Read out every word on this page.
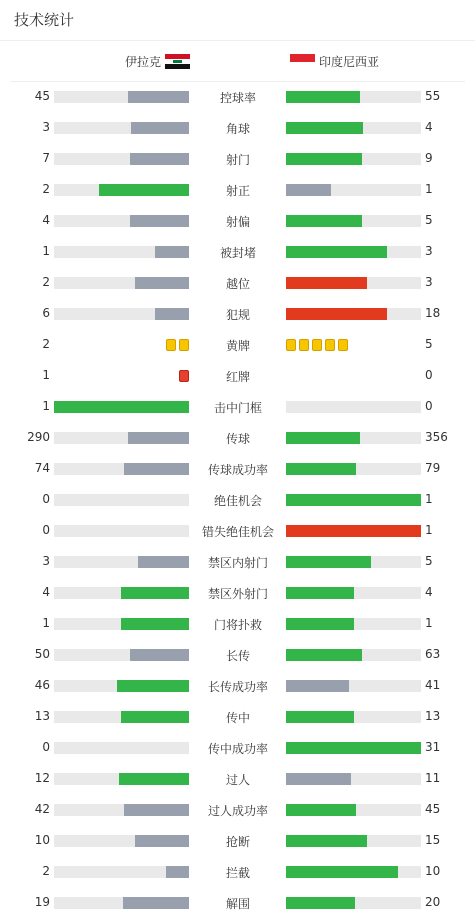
技术统计
伊拉克	印度尼西亚
45	控球率	55
3	角球	4
7	射门	9
2	射正	1
4	射偏	5
1	被封堵	3
2	越位	3
6	犯规	18
2	黄牌	5
1	红牌	0
1	击中门框	0
290	传球	356
74	传球成功率	79
0	绝佳机会	1
0	错失绝佳机会	1
3	禁区内射门	5
4	禁区外射门	4
1	门将扑救	1
50	长传	63
46	长传成功率	41
13	传中	13
0	传中成功率	31
12	过人	11
42	过人成功率	45
10	抢断	15
2	拦截	10
19	解围	20
